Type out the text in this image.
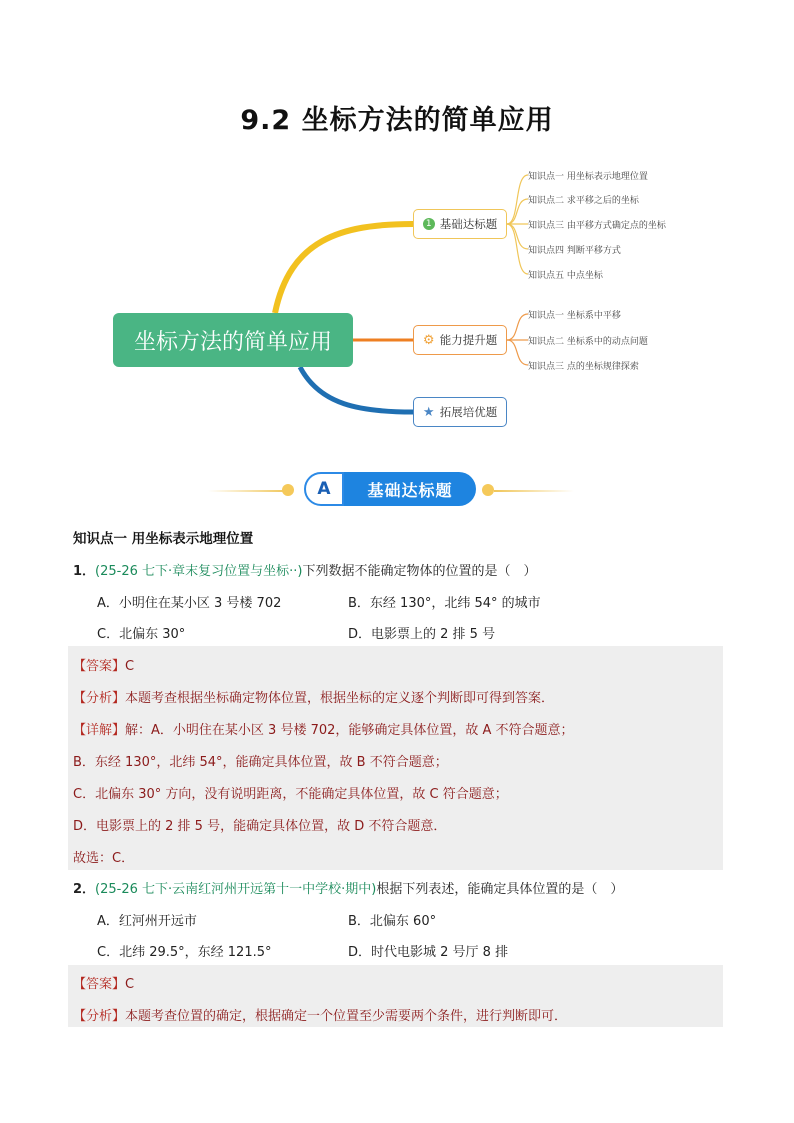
9.2 坐标方法的简单应用
坐标方法的简单应用
1 基础达标题
⚙ 能力提升题
★ 拓展培优题
知识点一 用坐标表示地理位置
知识点二 求平移之后的坐标
知识点三 由平移方式确定点的坐标
知识点四 判断平移方式
知识点五 中点坐标
知识点一 坐标系中平移
知识点二 坐标系中的动点问题
知识点三 点的坐标规律探索
A	基础达标题
知识点一 用坐标表示地理位置
1．(25-26 七下·章末复习位置与坐标··)下列数据不能确定物体的位置的是（　）
A．小明住在某小区 3 号楼 702	B．东经 130°，北纬 54° 的城市
C．北偏东 30°	D．电影票上的 2 排 5 号
【答案】C
【分析】本题考查根据坐标确定物体位置，根据坐标的定义逐个判断即可得到答案．
【详解】解：A．小明住在某小区 3 号楼 702，能够确定具体位置，故 A 不符合题意；
B．东经 130°，北纬 54°，能确定具体位置，故 B 不符合题意；
C．北偏东 30° 方向，没有说明距离，不能确定具体位置，故 C 符合题意；
D．电影票上的 2 排 5 号，能确定具体位置，故 D 不符合题意．
故选：C．
2．(25-26 七下·云南红河州开远第十一中学校·期中)根据下列表述，能确定具体位置的是（　）
A．红河州开远市	B．北偏东 60°
C．北纬 29.5°，东经 121.5°	D．时代电影城 2 号厅 8 排
【答案】C
【分析】本题考查位置的确定，根据确定一个位置至少需要两个条件，进行判断即可．
